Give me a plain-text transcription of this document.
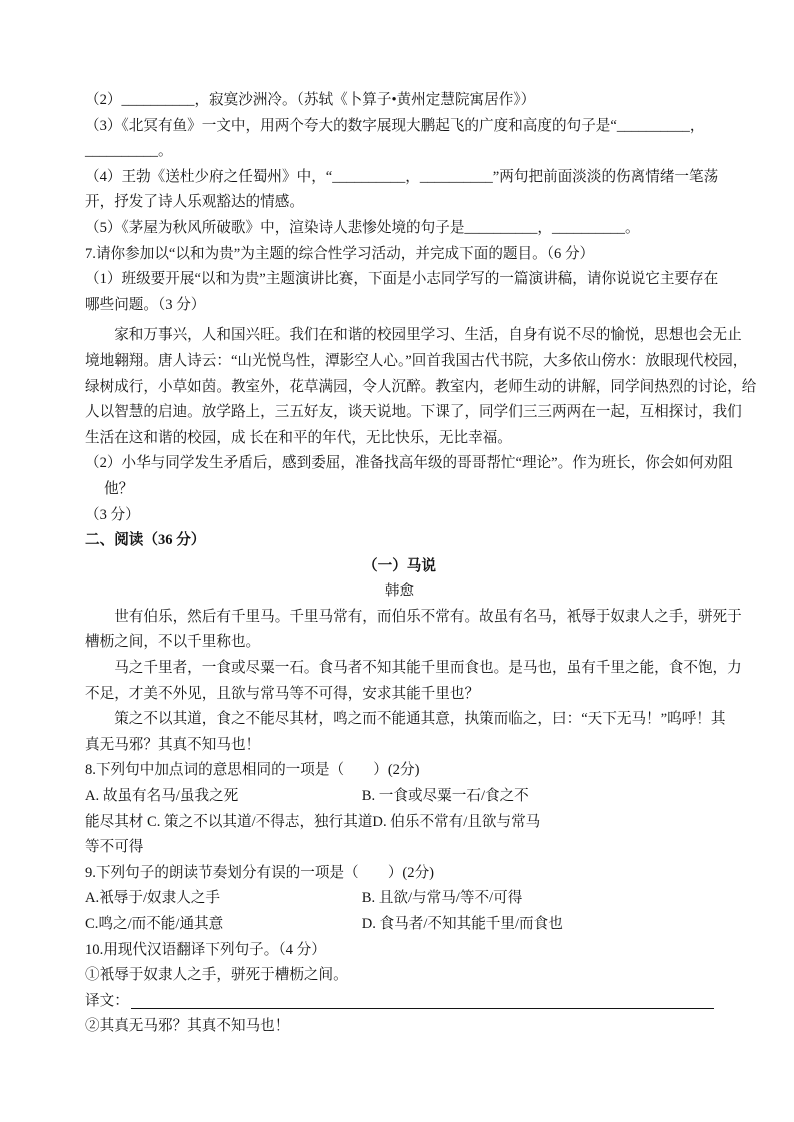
（2）__________，寂寞沙洲冷。（苏轼《卜算子•黄州定慧院寓居作》）
（3）《北冥有鱼》一文中，用两个夸大的数字展现大鹏起飞的广度和高度的句子是“__________，
__________。
（4）王勃《送杜少府之任蜀州》中，“__________，__________”两句把前面淡淡的伤离情绪一笔荡
开，抒发了诗人乐观豁达的情感。
（5）《茅屋为秋风所破歌》中，渲染诗人悲惨处境的句子是__________，__________。
7.请你参加以“以和为贵”为主题的综合性学习活动，并完成下面的题目。（6 分）
（1）班级要开展“以和为贵”主题演讲比赛，下面是小志同学写的一篇演讲稿，请你说说它主要存在
哪些问题。（3 分）
家和万事兴，人和国兴旺。我们在和谐的校园里学习、生活，自身有说不尽的愉悦，思想也会无止
境地翱翔。唐人诗云：“山光悦鸟性，潭影空人心。”回首我国古代书院，大多依山傍水：放眼现代校园，
绿树成行，小草如茵。教室外，花草满园，令人沉醉。教室内，老师生动的讲解，同学间热烈的讨论，给
人以智慧的启迪。放学路上，三五好友，谈天说地。下课了，同学们三三两两在一起，互相探讨，我们
生活在这和谐的校园，成 长在和平的年代，无比快乐，无比幸福。
（2）小华与同学发生矛盾后，感到委屈，准备找高年级的哥哥帮忙“理论”。作为班长，你会如何劝阻
他？
（3 分）
二、阅读（36 分）
（一）马说
韩愈
世有伯乐，然后有千里马。千里马常有，而伯乐不常有。故虽有名马，衹辱于奴隶人之手，骈死于
槽枥之间，不以千里称也。
马之千里者，一食或尽粟一石。食马者不知其能千里而食也。是马也，虽有千里之能，食不饱，力
不足，才美不外见，且欲与常马等不可得，安求其能千里也？
策之不以其道，食之不能尽其材，鸣之而不能通其意，执策而临之，曰：“天下无马！”呜呼！其
真无马邪？其真不知马也！
8.下列句中加点词的意思相同的一项是（　　）(2分)
A. 故虽有名马/虽我之死	B. 一食或尽粟一石/食之不
能尽其材 C. 策之不以其道/不得志，独行其道D. 伯乐不常有/且欲与常马
等不可得
9.下列句子的朗读节奏划分有误的一项是（　　）(2分)
A.衹辱于/奴隶人之手	B. 且欲/与常马/等不/可得
C.鸣之/而不能/通其意	D. 食马者/不知其能千里/而食也
10.用现代汉语翻译下列句子。（4 分）
①衹辱于奴隶人之手，骈死于槽枥之间。
译文：
②其真无马邪？其真不知马也！
